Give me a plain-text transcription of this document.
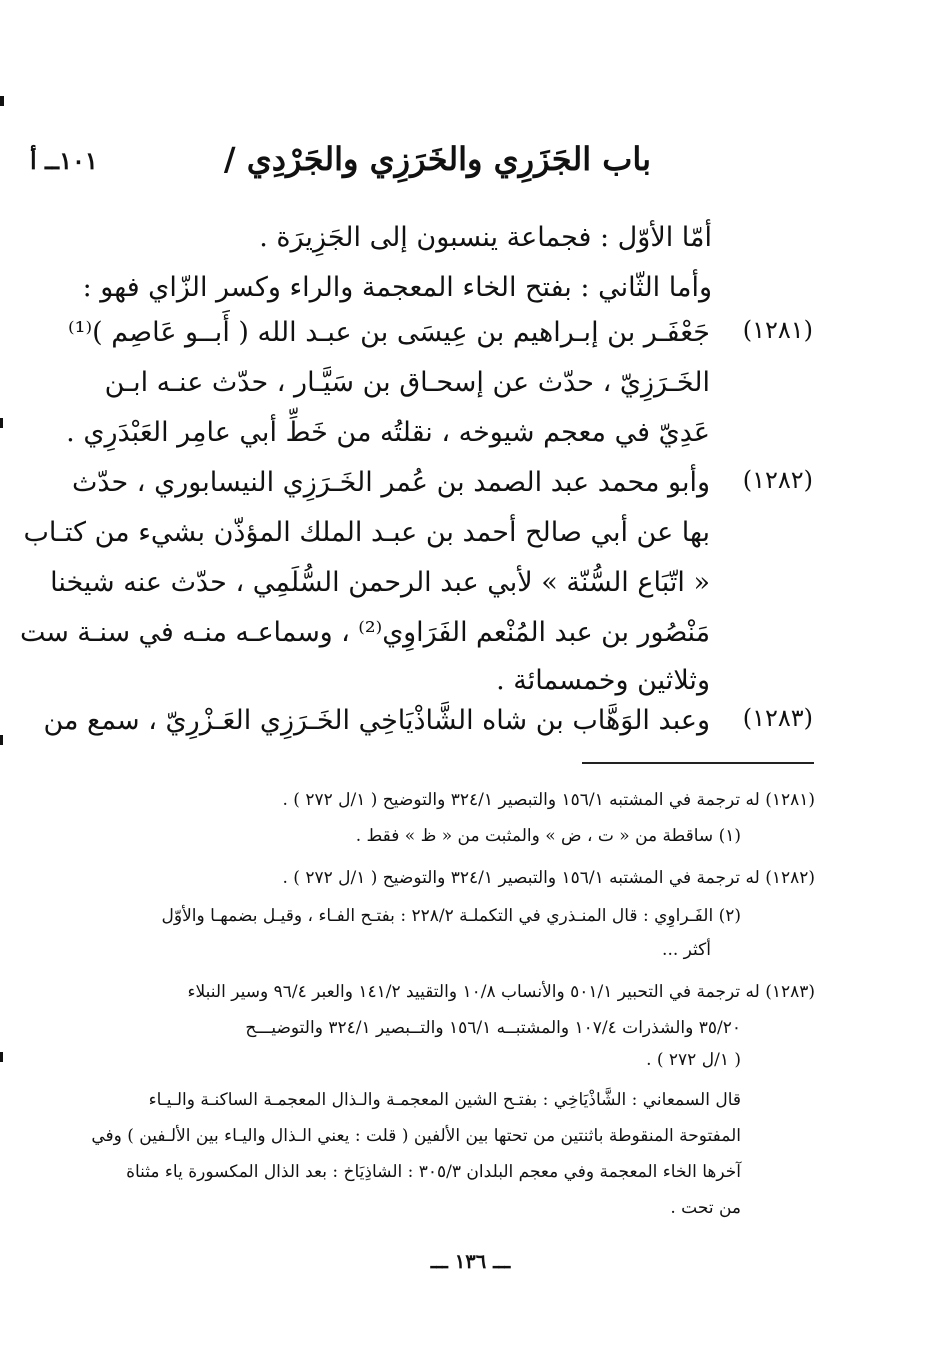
باب الجَزَرِي والخَرَزِي والجَرْدِي /
١٠١ــ أ
أمّا الأوّل : فجماعة ينسبون إلى الجَزِيرَة .
وأما الثّاني : بفتح الخاء المعجمة والراء وكسر الزّاي فهو :
(١٢٨١)
جَعْفَـر بن إبـراهيم بن عِيسَى بن عبـد الله ( أَبــو عَاصِم )⁽¹⁾
الخَـرَزِيّ ، حدّث عن إسحـاق بن سَيَّـار ، حدّث عنـه ابـن
عَدِيّ في معجم شيوخه ، نقلتُه من خَطِّ أبي عامِر العَبْدَرِي .
(١٢٨٢)
وأبو محمد عبد الصمد بن عُمر الخَـرَزِي النيسابوري ، حدّث
بها عن أبي صالح أحمد بن عبـد الملك المؤذّن بشيء من كتـاب
« اتّبَاع السُّنّة » لأبي عبد الرحمن السُّلَمِي ، حدّث عنه شيخنا
مَنْصُور بن عبد المُنْعم الفَرَاوِي⁽²⁾ ، وسماعـه منـه في سنـة ست
وثلاثين وخمسمائة .
(١٢٨٣)
وعبد الوَهَّاب بن شاه الشَّاذْيَاخِي الخَـرَزِي العَـزْرِيّ ، سمع من
(١٢٨١) له ترجمة في المشتبه ١٥٦/١ والتبصير ٣٢٤/١ والتوضيح ( ١/ل ٢٧٢ ) .
(١) ساقطة من « ت ، ض » والمثبت من « ظ » فقط .
(١٢٨٢) له ترجمة في المشتبه ١٥٦/١ والتبصير ٣٢٤/١ والتوضيح ( ١/ل ٢٧٢ ) .
(٢) الفَـراوِي : قال المنـذري في التكملـة ٢٢٨/٢ : بفتـح الفـاء ، وقيـل بضمهـا والأوّل
أكثر ...
(١٢٨٣) له ترجمة في التحبير ٥٠١/١ والأنساب ١٠/٨ والتقييد ١٤١/٢ والعبر ٩٦/٤ وسير النبلاء
٣٥/٢٠ والشذرات ١٠٧/٤ والمشتبــه ١٥٦/١ والتــبصير ٣٢٤/١ والتوضيـــح
( ١/ل ٢٧٢ ) .
قال السمعاني : الشَّاذْيَاخِي : بفتـح الشين المعجمـة والـذال المعجمـة الساكنـة والـيـاء
المفتوحة المنقوطة باثنتين من تحتها بين الألفين ( قلت : يعني الـذال واليـاء بين الألـفين ) وفي
آخرها الخاء المعجمة وفي معجم البلدان ٣٠٥/٣ : الشاذِيَاخ : بعد الذال المكسورة ياء مثناة
من تحت .
ـــ ١٣٦ ـــ
